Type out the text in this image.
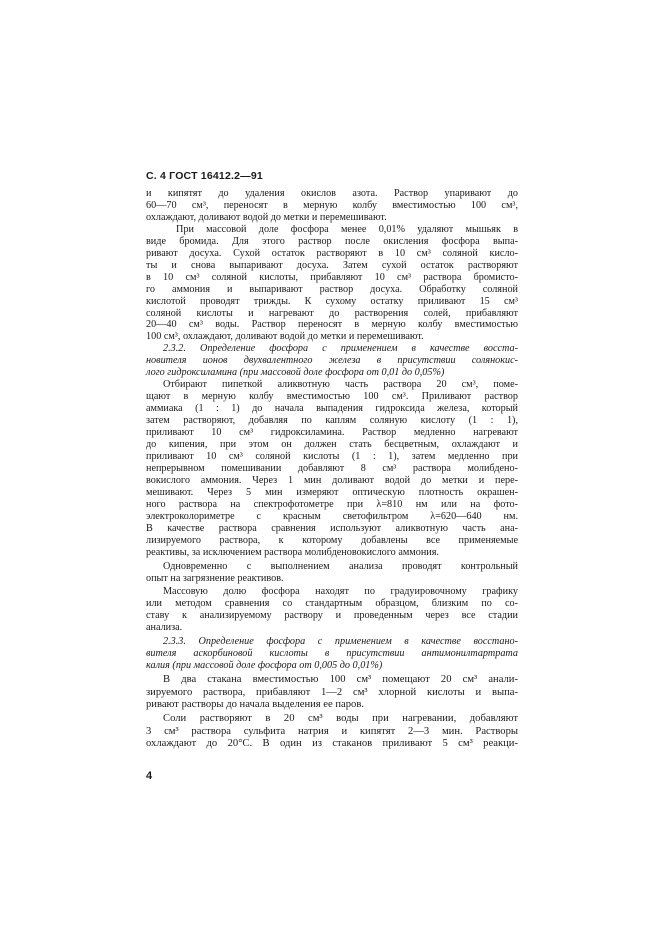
С. 4 ГОСТ 16412.2—91
и кипятят до удаления окислов азота. Раствор упаривают до
60—70 см³, переносят в мерную колбу вместимостью 100 см³,
охлаждают, доливают водой до метки и перемешивают.
При массовой доле фосфора менее 0,01% удаляют мышьяк в
виде бромида. Для этого раствор после окисления фосфора выпа-
ривают досуха. Сухой остаток растворяют в 10 см³ соляной кисло-
ты и снова выпаривают досуха. Затем сухой остаток растворяют
в 10 см³ соляной кислоты, прибавляют 10 см³ раствора бромисто-
го аммония и выпаривают раствор досуха. Обработку соляной
кислотой проводят трижды. К сухому остатку приливают 15 см³
соляной кислоты и нагревают до растворения солей, прибавляют
20—40 см³ воды. Раствор переносят в мерную колбу вместимостью
100 см³, охлаждают, доливают водой до метки и перемешивают.
2.3.2. Определение фосфора с применением в качестве восста-
новителя ионов двухвалентного железа в присутствии солянокис-
лого гидроксиламина (при массовой доле фосфора от 0,01 до 0,05%)
Отбирают пипеткой аликвотную часть раствора 20 см³, поме-
щают в мерную колбу вместимостью 100 см³. Приливают раствор
аммиака (1 : 1) до начала выпадения гидроксида железа, который
затем растворяют, добавляя по каплям соляную кислоту (1 : 1),
приливают 10 см³ гидроксиламина. Раствор медленно нагревают
до кипения, при этом он должен стать бесцветным, охлаждают и
приливают 10 см³ соляной кислоты (1 : 1), затем медленно при
непрерывном помешивании добавляют 8 см³ раствора молибдено-
вокислого аммония. Через 1 мин доливают водой до метки и пере-
мешивают. Через 5 мин измеряют оптическую плотность окрашен-
ного раствора на спектрофотометре при λ=810 нм или на фото-
электроколориметре с красным светофильтром λ=620—640 нм.
В качестве раствора сравнения используют аликвотную часть ана-
лизируемого раствора, к которому добавлены все применяемые
реактивы, за исключением раствора молибденовокислого аммония.
Одновременно с выполнением анализа проводят контрольный
опыт на загрязнение реактивов.
Массовую долю фосфора находят по градуировочному графику
или методом сравнения со стандартным образцом, близким по со-
ставу к анализируемому раствору и проведенным через все стадии
анализа.
2.3.3. Определение фосфора с применением в качестве восстано-
вителя аскорбиновой кислоты в присутствии антимонилтартрата
калия (при массовой доле фосфора от 0,005 до 0,01%)
В два стакана вместимостью 100 см³ помещают 20 см³ анали-
зируемого раствора, прибавляют 1—2 см³ хлорной кислоты и выпа-
ривают растворы до начала выделения ее паров.
Соли растворяют в 20 см³ воды при нагревании, добавляют
3 см³ раствора сульфита натрия и кипятят 2—3 мин. Растворы
охлаждают до 20°С. В один из стаканов приливают 5 см³ реакци-
4
